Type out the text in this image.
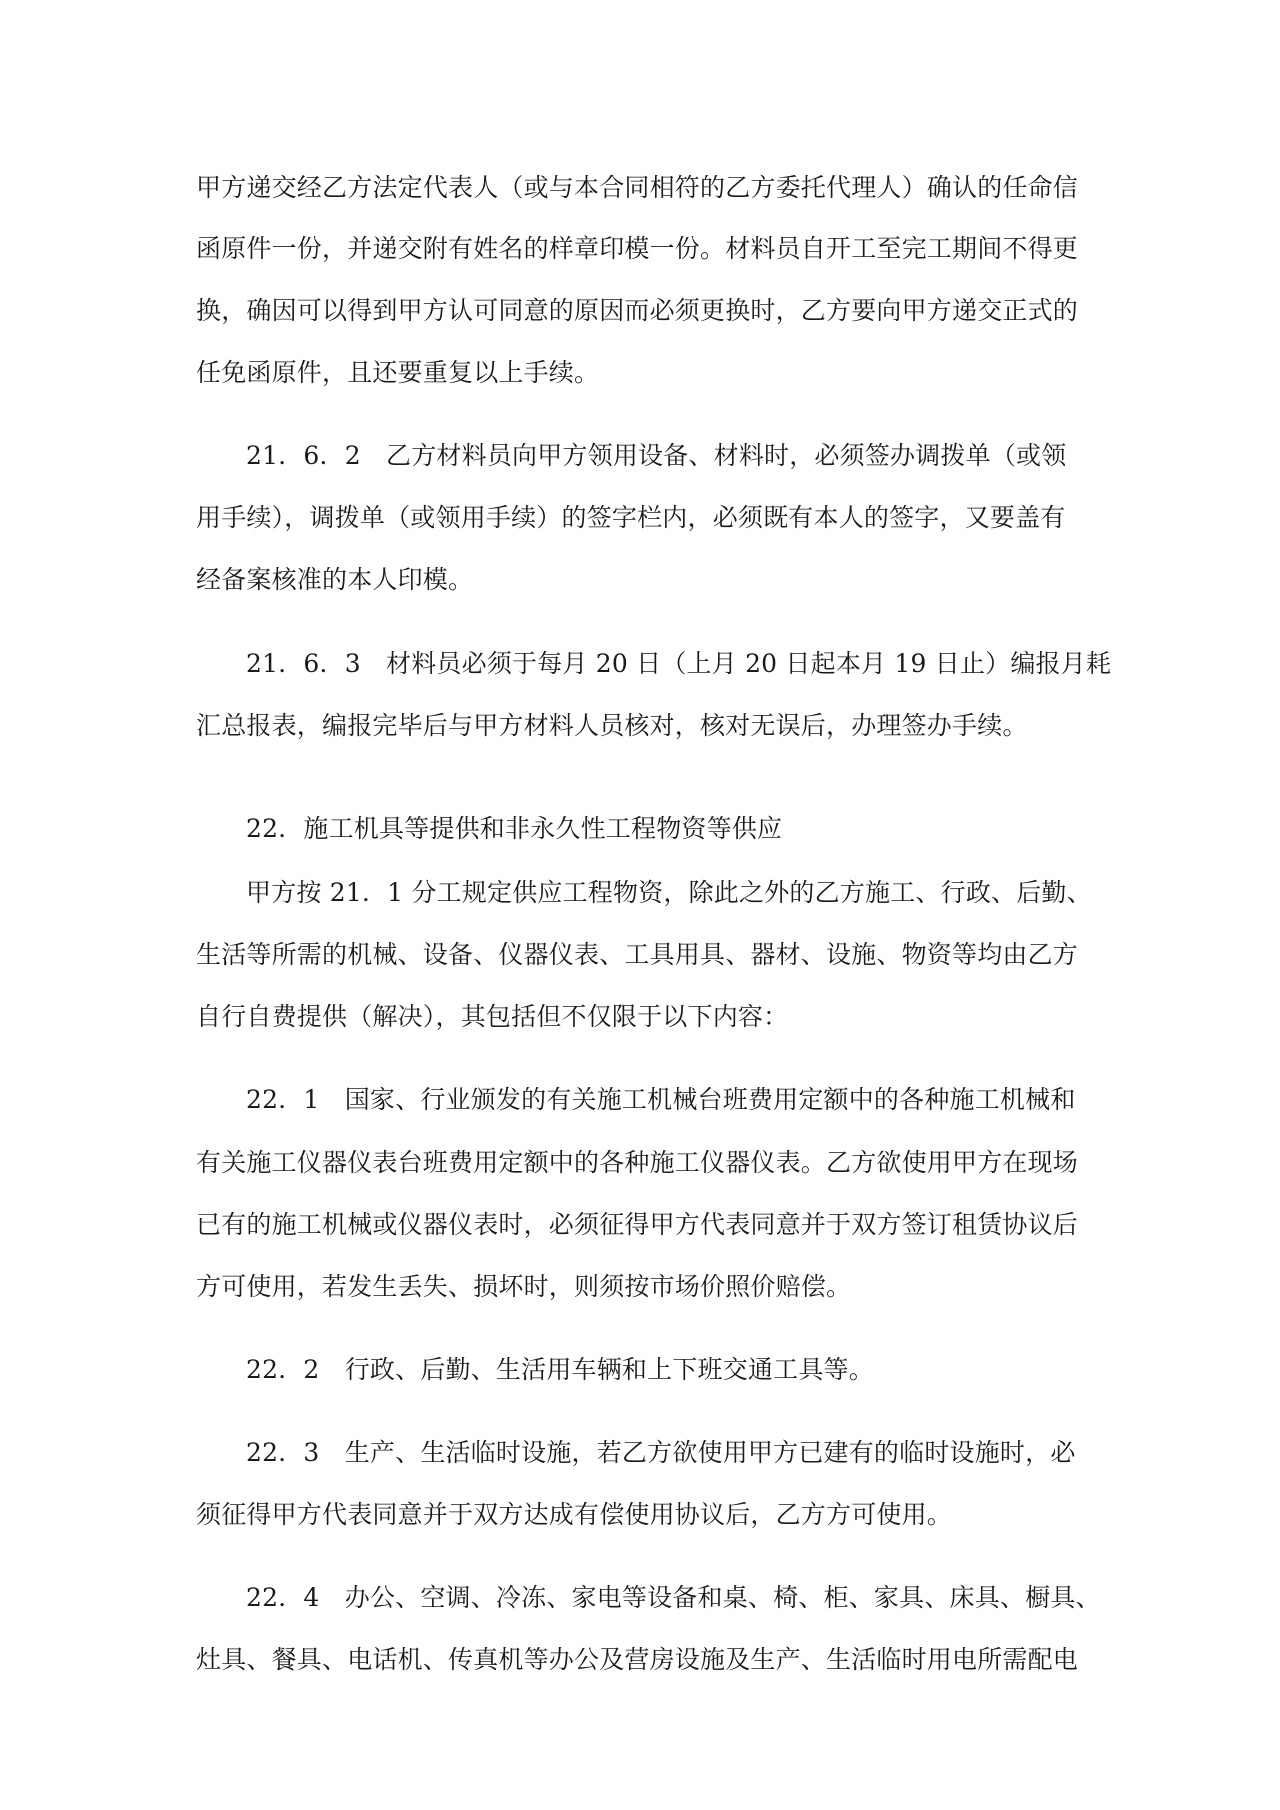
甲方递交经乙方法定代表人（或与本合同相符的乙方委托代理人）确认的任命信
函原件一份，并递交附有姓名的样章印模一份。材料员自开工至完工期间不得更
换，确因可以得到甲方认可同意的原因而必须更换时，乙方要向甲方递交正式的
任免函原件，且还要重复以上手续。
21．6．2　乙方材料员向甲方领用设备、材料时，必须签办调拨单（或领
用手续），调拨单（或领用手续）的签字栏内，必须既有本人的签字，又要盖有
经备案核准的本人印模。
21．6．3　材料员必须于每月 20 日（上月 20 日起本月 19 日止）编报月耗
汇总报表，编报完毕后与甲方材料人员核对，核对无误后，办理签办手续。
22．施工机具等提供和非永久性工程物资等供应
甲方按 21．1 分工规定供应工程物资，除此之外的乙方施工、行政、后勤、
生活等所需的机械、设备、仪器仪表、工具用具、器材、设施、物资等均由乙方
自行自费提供（解决），其包括但不仅限于以下内容：
22．1　国家、行业颁发的有关施工机械台班费用定额中的各种施工机械和
有关施工仪器仪表台班费用定额中的各种施工仪器仪表。乙方欲使用甲方在现场
已有的施工机械或仪器仪表时，必须征得甲方代表同意并于双方签订租赁协议后
方可使用，若发生丢失、损坏时，则须按市场价照价赔偿。
22．2　行政、后勤、生活用车辆和上下班交通工具等。
22．3　生产、生活临时设施，若乙方欲使用甲方已建有的临时设施时，必
须征得甲方代表同意并于双方达成有偿使用协议后，乙方方可使用。
22．4　办公、空调、冷冻、家电等设备和桌、椅、柜、家具、床具、橱具、
灶具、餐具、电话机、传真机等办公及营房设施及生产、生活临时用电所需配电
